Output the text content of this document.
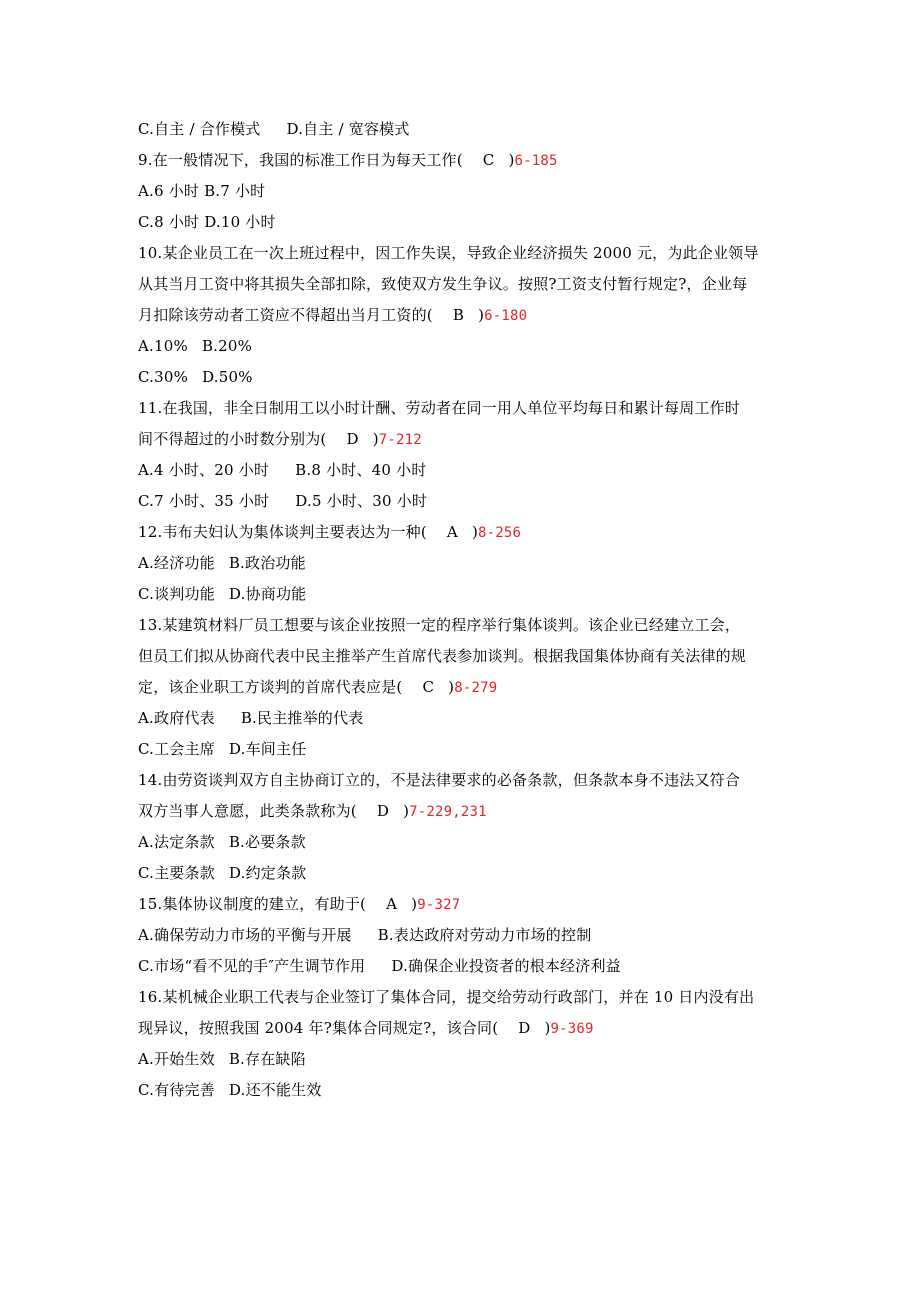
C.自主 / 合作模式 D.自主 / 宽容模式
9.在一般情况下，我国的标准工作日为每天工作( C )6-185
A.6 小时 B.7 小时
C.8 小时 D.10 小时
10.某企业员工在一次上班过程中，因工作失误，导致企业经济损失 2000 元，为此企业领导
从其当月工资中将其损失全部扣除，致使双方发生争议。按照?工资支付暂行规定?，企业每
月扣除该劳动者工资应不得超出当月工资的( B )6-180
A.10% B.20%
C.30% D.50%
11.在我国，非全日制用工以小时计酬、劳动者在同一用人单位平均每日和累计每周工作时
间不得超过的小时数分别为( D )7-212
A.4 小时、20 小时 B.8 小时、40 小时
C.7 小时、35 小时 D.5 小时、30 小时
12.韦布夫妇认为集体谈判主要表达为一种( A )8-256
A.经济功能 B.政治功能
C.谈判功能 D.协商功能
13.某建筑材料厂员工想要与该企业按照一定的程序举行集体谈判。该企业已经建立工会，
但员工们拟从协商代表中民主推举产生首席代表参加谈判。根据我国集体协商有关法律的规
定，该企业职工方谈判的首席代表应是( C )8-279
A.政府代表 B.民主推举的代表
C.工会主席 D.车间主任
14.由劳资谈判双方自主协商订立的，不是法律要求的必备条款，但条款本身不违法又符合
双方当事人意愿，此类条款称为( D )7-229,231
A.法定条款 B.必要条款
C.主要条款 D.约定条款
15.集体协议制度的建立，有助于( A )9-327
A.确保劳动力市场的平衡与开展 B.表达政府对劳动力市场的控制
C.市场“看不见的手″产生调节作用 D.确保企业投资者的根本经济利益
16.某机械企业职工代表与企业签订了集体合同，提交给劳动行政部门，并在 10 日内没有出
现异议，按照我国 2004 年?集体合同规定?，该合同( D )9-369
A.开始生效 B.存在缺陷
C.有待完善 D.还不能生效
